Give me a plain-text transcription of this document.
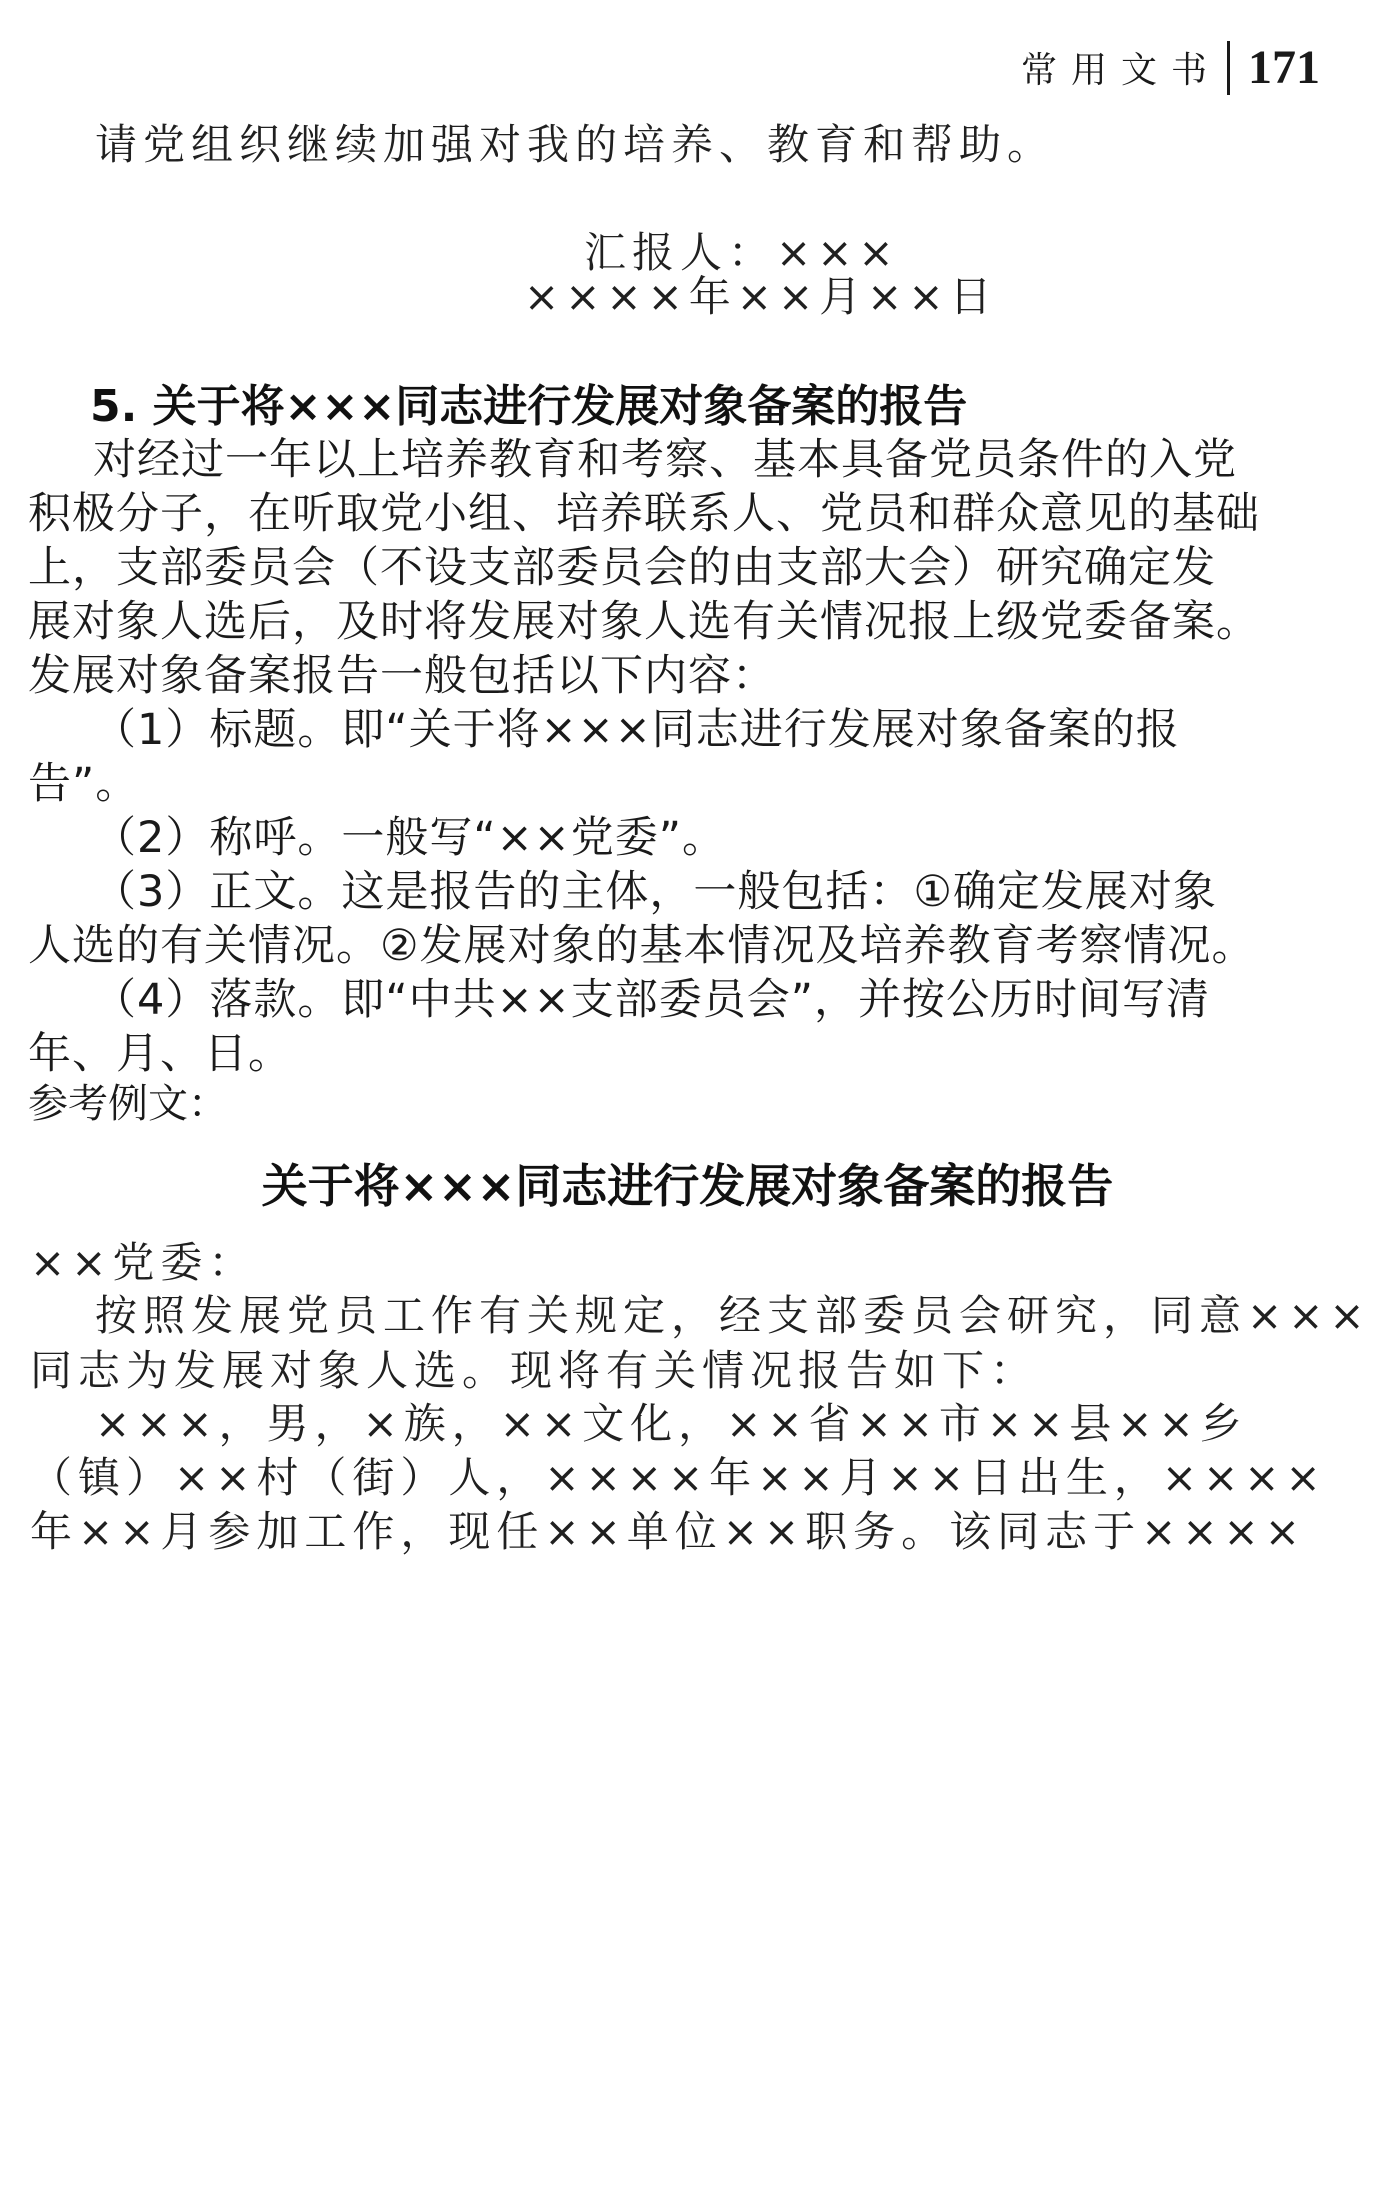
常用文书 171
请党组织继续加强对我的培养、教育和帮助。
汇报人：×××
××××年××月××日
5. 关于将×××同志进行发展对象备案的报告
对经过一年以上培养教育和考察、基本具备党员条件的入党
积极分子，在听取党小组、培养联系人、党员和群众意见的基础
上，支部委员会（不设支部委员会的由支部大会）研究确定发
展对象人选后，及时将发展对象人选有关情况报上级党委备案。
发展对象备案报告一般包括以下内容：
（1）标题。即“关于将×××同志进行发展对象备案的报
告”。
（2）称呼。一般写“××党委”。
（3）正文。这是报告的主体，一般包括：①确定发展对象
人选的有关情况。②发展对象的基本情况及培养教育考察情况。
（4）落款。即“中共××支部委员会”，并按公历时间写清
年、月、日。
参考例文：
关于将×××同志进行发展对象备案的报告
××党委：
按照发展党员工作有关规定，经支部委员会研究，同意×××
同志为发展对象人选。现将有关情况报告如下：
×××，男，×族，××文化，××省××市××县××乡
（镇）××村（街）人，××××年××月××日出生，××××
年××月参加工作，现任××单位××职务。该同志于××××
